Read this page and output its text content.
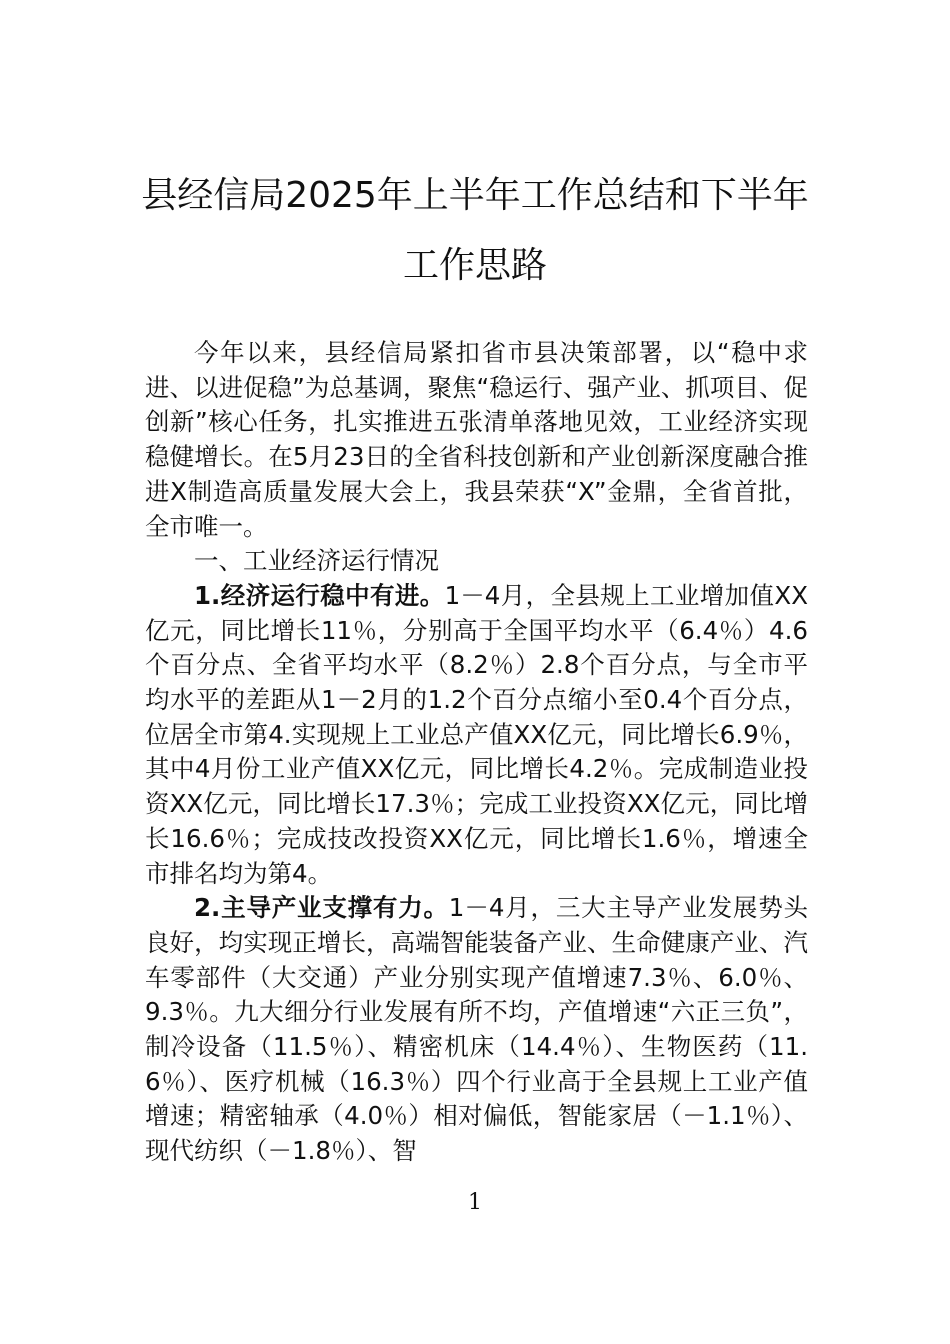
县经信局2025年上半年工作总结和下半年
工作思路

今年以来，县经信局紧扣省市县决策部署，以“稳中求进、以进促稳”为总基调，聚焦“稳运行、强产业、抓项目、促创新”核心任务，扎实推进五张清单落地见效，工业经济实现稳健增长。在5月23日的全省科技创新和产业创新深度融合推进X制造高质量发展大会上，我县荣获“X”金鼎，全省首批，全市唯一。

一、工业经济运行情况

1.经济运行稳中有进。1－4月，全县规上工业增加值XX亿元，同比增长11％，分别高于全国平均水平（6.4％）4.6个百分点、全省平均水平（8.2％）2.8个百分点，与全市平均水平的差距从1－2月的1.2个百分点缩小至0.4个百分点，位居全市第4.实现规上工业总产值XX亿元，同比增长6.9％，其中4月份工业产值XX亿元，同比增长4.2％。完成制造业投资XX亿元，同比增长17.3％；完成工业投资XX亿元，同比增长16.6％；完成技改投资XX亿元，同比增长1.6％，增速全市排名均为第4。

2.主导产业支撑有力。1－4月，三大主导产业发展势头良好，均实现正增长，高端智能装备产业、生命健康产业、汽车零部件（大交通）产业分别实现产值增速7.3％、6.0％、9.3％。九大细分行业发展有所不均，产值增速“六正三负”，制冷设备（11.5％）、精密机床（14.4％）、生物医药（11.6％）、医疗机械（16.3％）四个行业高于全县规上工业产值增速；精密轴承（4.0％）相对偏低，智能家居（－1.1％）、现代纺织（－1.8％）、智

1
